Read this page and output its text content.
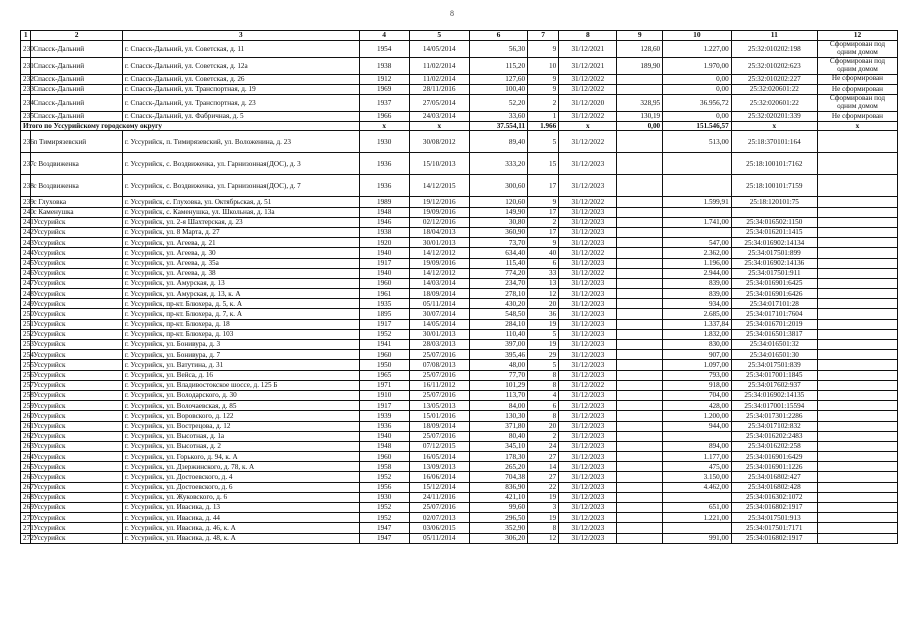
8
1	2	3	4	5	6	7	8	9	10	11	12
230	Спасск-Дальний	г. Спасск-Дальний, ул. Советская, д. 11	1954	14/05/2014	56,30	9	31/12/2021	128,60	1.227,00	25:32:010202:198	Сформирован под одним домом
231	Спасск-Дальний	г. Спасск-Дальний, ул. Советская, д. 12а	1938	11/02/2014	115,20	10	31/12/2021	189,90	1.970,00	25:32:010202:623	Сформирован под одним домом
232	Спасск-Дальний	г. Спасск-Дальний, ул. Советская, д. 26	1912	11/02/2014	127,60	9	31/12/2022		0,00	25:32:010202:227	Не сформирован
233	Спасск-Дальний	г. Спасск-Дальний, ул. Транспортная, д. 19	1969	28/11/2016	100,40	9	31/12/2022		0,00	25:32:020601:22	Не сформирован
234	Спасск-Дальний	г. Спасск-Дальний, ул. Транспортная, д. 23	1937	27/05/2014	52,20	2	31/12/2020	328,95	36.956,72	25:32:020601:22	Сформирован под одним домом
235	Спасск-Дальний	г. Спасск-Дальний, ул. Фабричная, д. 5	1966	24/03/2014	33,60	1	31/12/2022	130,19	0,00	25:32:020201:339	Не сформирован
Итого по Уссурийскому городскому округу			x	x	37.554,11	1.966	x	0,00	151.546,57	x	x
236	п Тимирязевский	г. Уссурийск, п. Тимирязевский, ул. Воложенина, д. 23	1930	30/08/2012	89,40	5	31/12/2022		513,00	25:18:370101:164	
237	с Воздвиженка	г. Уссурийск, с. Воздвиженка, ул. Гарнизонная(ДОС), д. 3	1936	15/10/2013	333,20	15	31/12/2023			25:18:100101:7162	
238	с Воздвиженка	г. Уссурийск, с. Воздвиженка, ул. Гарнизонная(ДОС), д. 7	1936	14/12/2015	300,60	17	31/12/2023			25:18:100101:7159	
239	с Глуховка	г. Уссурийск, с. Глуховка, ул. Октябрьская, д. 51	1989	19/12/2016	120,60	9	31/12/2022		1.599,91	25:18:120101:75	
240	с Каменушка	г. Уссурийск, с. Каменушка, ул. Школьная, д. 13а	1948	19/09/2016	149,90	17	31/12/2023				
241	Уссурийск	г. Уссурийск, ул. 2-я Шахтерская, д. 23	1946	02/12/2016	30,80	2	31/12/2023		1.741,00	25:34:016502:1150	
242	Уссурийск	г. Уссурийск, ул. 8 Марта, д. 27	1938	18/04/2013	360,90	17	31/12/2023			25:34:016201:1415	
243	Уссурийск	г. Уссурийск, ул. Агеева, д. 21	1920	30/01/2013	73,70	9	31/12/2023		547,00	25:34:016902:14134	
244	Уссурийск	г. Уссурийск, ул. Агеева, д. 30	1940	14/12/2012	634,40	40	31/12/2022		2.362,00	25:34:017501:899	
245	Уссурийск	г. Уссурийск, ул. Агеева, д. 35а	1917	19/09/2016	115,40	6	31/12/2023		1.196,00	25:34:016902:14136	
246	Уссурийск	г. Уссурийск, ул. Агеева, д. 38	1940	14/12/2012	774,20	33	31/12/2022		2.944,00	25:34:017501:911	
247	Уссурийск	г. Уссурийск, ул. Амурская, д. 13	1960	14/03/2014	234,70	13	31/12/2023		839,00	25:34:016901:6425	
248	Уссурийск	г. Уссурийск, ул. Амурская, д. 13, к. А	1961	18/09/2014	278,10	12	31/12/2023		839,00	25:34:016901:6426	
249	Уссурийск	г. Уссурийск, пр-кт. Блюхера, д. 5, к. А	1935	05/11/2014	430,20	20	31/12/2023		934,00	25:34:017101:28	
250	Уссурийск	г. Уссурийск, пр-кт. Блюхера, д. 7, к. А	1895	30/07/2014	548,50	36	31/12/2023		2.685,00	25:34:017101:7604	
251	Уссурийск	г. Уссурийск, пр-кт. Блюхера, д. 18	1917	14/05/2014	284,10	19	31/12/2023		1.337,84	25:34:016701:2019	
252	Уссурийск	г. Уссурийск, пр-кт. Блюхера, д. 103	1952	30/01/2013	110,40	5	31/12/2023		1.832,00	25:34:016501:3817	
253	Уссурийск	г. Уссурийск, ул. Бонивура, д. 3	1941	28/03/2013	397,00	19	31/12/2023		830,00	25:34:016501:32	
254	Уссурийск	г. Уссурийск, ул. Бонивура, д. 7	1960	25/07/2016	395,46	29	31/12/2023		907,00	25:34:016501:30	
255	Уссурийск	г. Уссурийск, ул. Ватутина, д. 31	1950	07/08/2013	48,00	5	31/12/2023		1.097,00	25:34:017501:839	
256	Уссурийск	г. Уссурийск, ул. Вейса, д. 16	1965	25/07/2016	77,70	8	31/12/2023		793,00	25:34:017001:1845	
257	Уссурийск	г. Уссурийск, ул. Владивостокское шоссе, д. 125 Б	1971	16/11/2012	101,29	8	31/12/2022		918,00	25:34:017602:937	
258	Уссурийск	г. Уссурийск, ул. Володарского, д. 30	1910	25/07/2016	113,70	4	31/12/2023		704,00	25:34:016902:14135	
259	Уссурийск	г. Уссурийск, ул. Волочаевская, д. 85	1917	13/05/2013	84,00	6	31/12/2023		428,00	25:34:017001:15594	
260	Уссурийск	г. Уссурийск, ул. Воровского, д. 122	1939	15/01/2016	130,30	8	31/12/2023		1.200,00	25:34:017301:2286	
261	Уссурийск	г. Уссурийск, ул. Вострецова, д. 12	1936	18/09/2014	371,80	20	31/12/2023		944,00	25:34:017102:832	
262	Уссурийск	г. Уссурийск, ул. Высотная, д. 1а	1940	25/07/2016	80,40	2	31/12/2023			25:34:016202:2483	
263	Уссурийск	г. Уссурийск, ул. Высотная, д. 2	1948	07/12/2015	345,10	24	31/12/2023		894,00	25:34:016202:258	
264	Уссурийск	г. Уссурийск, ул. Горького, д. 94, к. А	1960	16/05/2014	178,30	27	31/12/2023		1.177,00	25:34:016901:6429	
265	Уссурийск	г. Уссурийск, ул. Дзержинского, д. 78, к. А	1958	13/09/2013	265,20	14	31/12/2023		475,00	25:34:016901:1226	
266	Уссурийск	г. Уссурийск, ул. Достоевского, д. 4	1952	16/06/2014	704,38	27	31/12/2023		3.150,00	25:34:016802:427	
267	Уссурийск	г. Уссурийск, ул. Достоевского, д. 6	1956	15/12/2014	836,90	22	31/12/2023		4.462,00	25:34:016802:428	
268	Уссурийск	г. Уссурийск, ул. Жуковского, д. 6	1930	24/11/2016	421,10	19	31/12/2023			25:34:016302:1072	
269	Уссурийск	г. Уссурийск, ул. Ивасика, д. 13	1952	25/07/2016	99,60	3	31/12/2023		651,00	25:34:016802:1917	
270	Уссурийск	г. Уссурийск, ул. Ивасика, д. 44	1952	02/07/2013	296,50	19	31/12/2023		1.221,00	25:34:017501:913	
271	Уссурийск	г. Уссурийск, ул. Ивасика, д. 46, к. А	1947	03/06/2015	352,90	8	31/12/2023			25:34:017501:7171	
272	Уссурийск	г. Уссурийск, ул. Ивасика, д. 48, к. А	1947	05/11/2014	306,20	12	31/12/2023		991,00	25:34:016802:1917	
